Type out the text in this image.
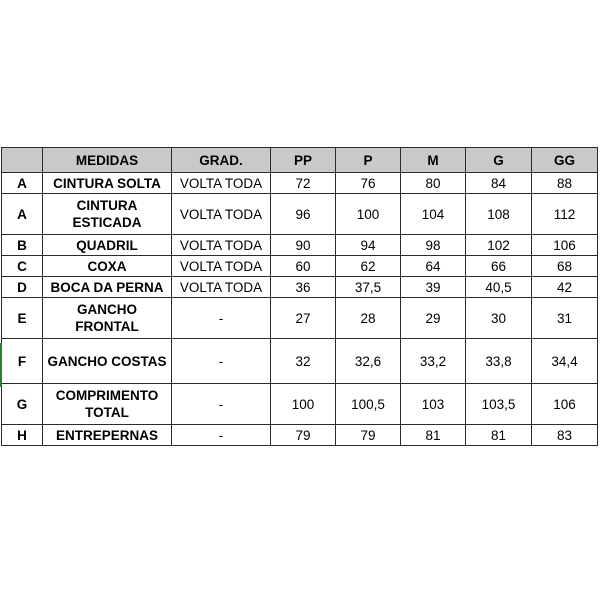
	MEDIDAS	GRAD.	PP	P	M	G	GG
A	CINTURA SOLTA	VOLTA TODA	72	76	80	84	88
A	CINTURA ESTICADA	VOLTA TODA	96	100	104	108	112
B	QUADRIL	VOLTA TODA	90	94	98	102	106
C	COXA	VOLTA TODA	60	62	64	66	68
D	BOCA DA PERNA	VOLTA TODA	36	37,5	39	40,5	42
E	GANCHO FRONTAL	-	27	28	29	30	31
F	GANCHO COSTAS	-	32	32,6	33,2	33,8	34,4
G	COMPRIMENTO TOTAL	-	100	100,5	103	103,5	106
H	ENTREPERNAS	-	79	79	81	81	83
